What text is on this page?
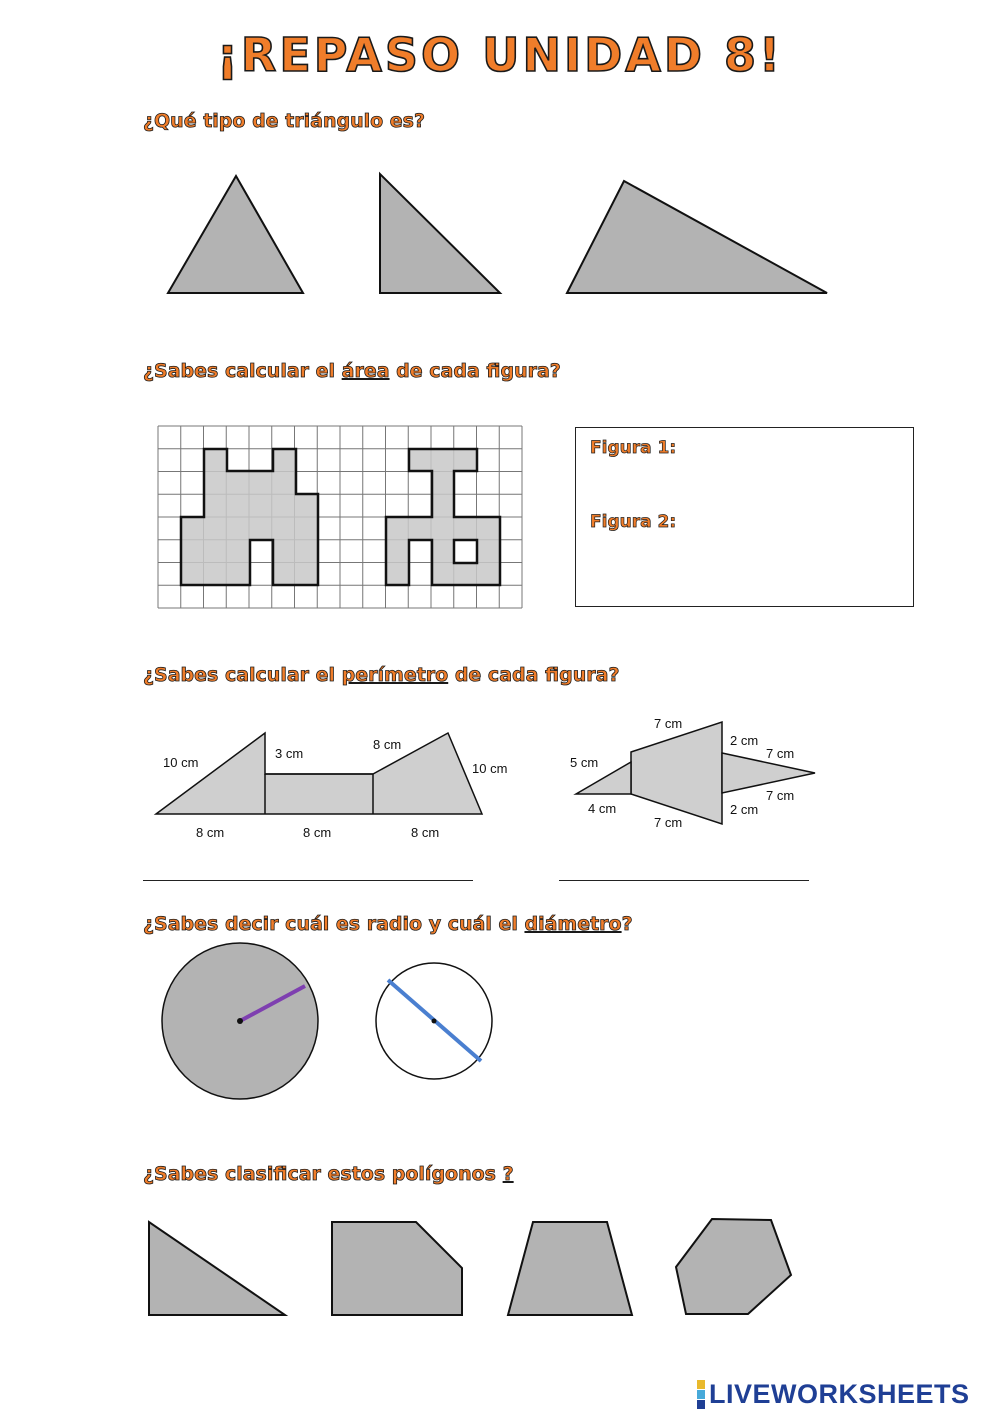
¡REPASO UNIDAD 8!

¿Qué tipo de triángulo es?

¿Sabes calcular el área de cada figura?

Figura 1:
Figura 2:

¿Sabes calcular el perímetro de cada figura?

10 cm
3 cm
8 cm
10 cm
8 cm	8 cm	8 cm
7 cm
5 cm
4 cm
7 cm
2 cm
2 cm
7 cm
7 cm

¿Sabes decir cuál es radio y cuál el diámetro?

¿Sabes clasificar estos polígonos ?

LIVEWORKSHEETS
